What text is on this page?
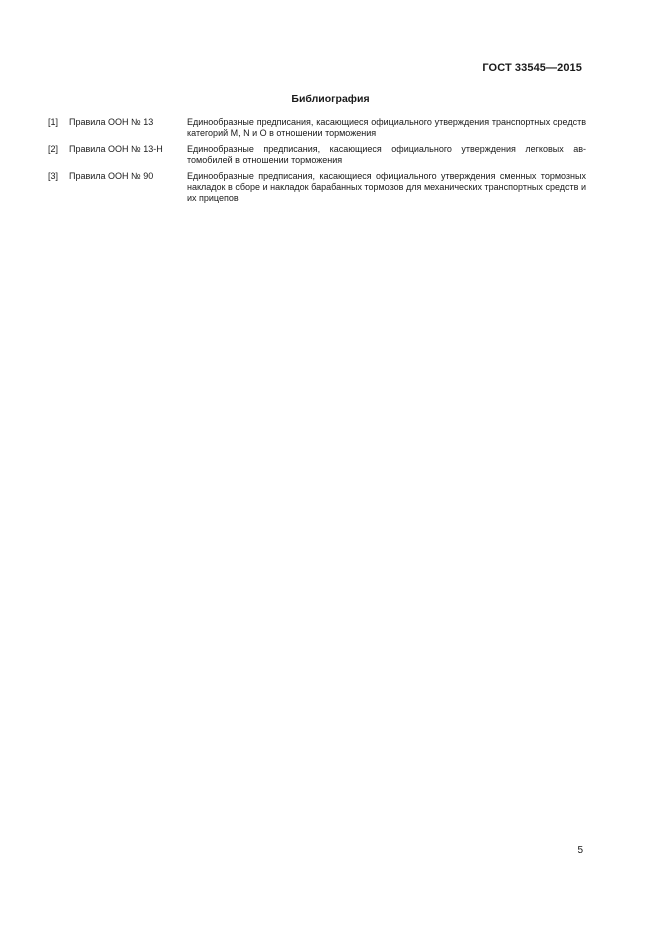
ГОСТ 33545—2015
Библиография
[1]	Правила ООН № 13	Единообразные предписания, касающиеся официального утверждения транспортных средств категорий M, N и O в отношении торможения
[2]	Правила ООН № 13-Н	Единообразные предписания, касающиеся официального утверждения легковых автомобилей в отношении торможения
[3]	Правила ООН № 90	Единообразные предписания, касающиеся официального утверждения сменных тормозных накладок в сборе и накладок барабанных тормозов для механических транспортных средств и их прицепов
5
